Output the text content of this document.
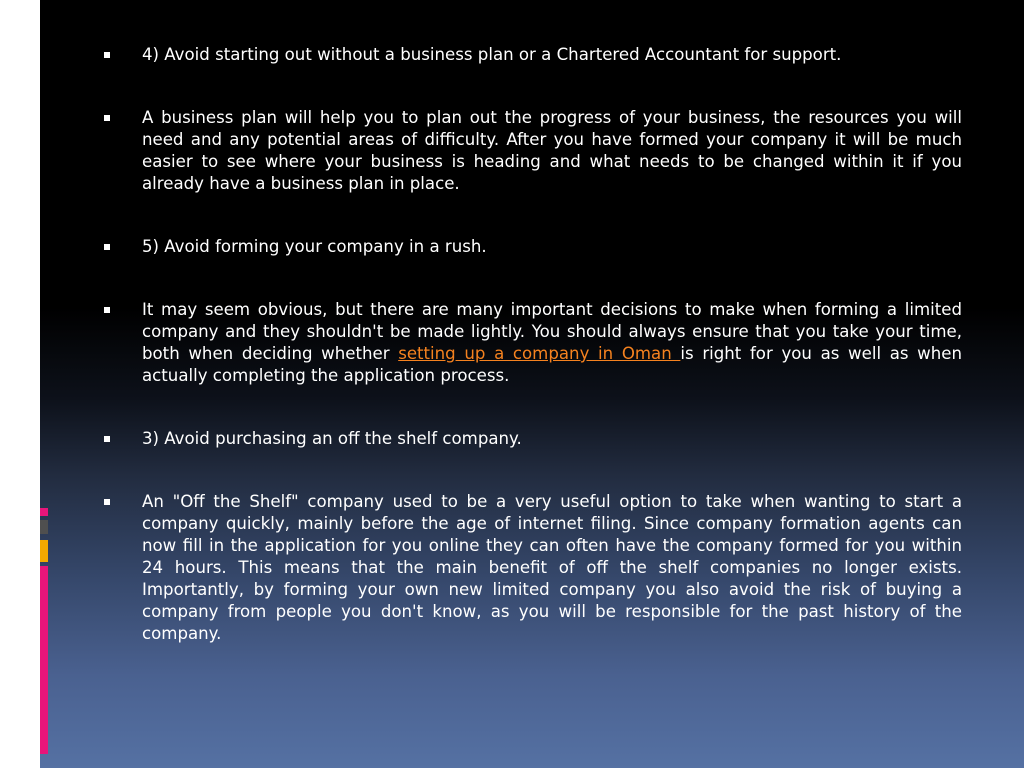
4) Avoid starting out without a business plan or a Chartered Accountant for support.
A business plan will help you to plan out the progress of your business, the resources you will need and any potential areas of difficulty. After you have formed your company it will be much easier to see where your business is heading and what needs to be changed within it if you already have a business plan in place.
5) Avoid forming your company in a rush.
It may seem obvious, but there are many important decisions to make when forming a limited company and they shouldn't be made lightly. You should always ensure that you take your time, both when deciding whether setting up a company in Oman is right for you as well as when actually completing the application process.
3) Avoid purchasing an off the shelf company.
An "Off the Shelf" company used to be a very useful option to take when wanting to start a company quickly, mainly before the age of internet filing. Since company formation agents can now fill in the application for you online they can often have the company formed for you within 24 hours. This means that the main benefit of off the shelf companies no longer exists. Importantly, by forming your own new limited company you also avoid the risk of buying a company from people you don't know, as you will be responsible for the past history of the company.
